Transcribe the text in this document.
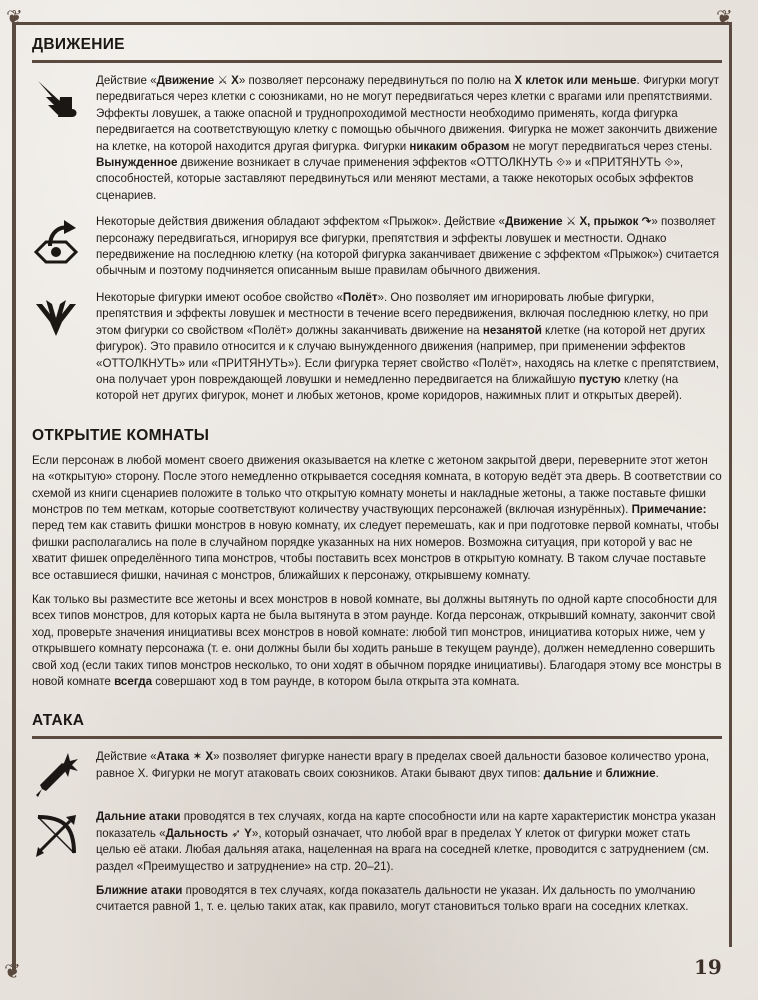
ДВИЖЕНИЕ

Действие «Движение ⚔ X» позволяет персонажу передвинуться по полю на X клеток или меньше. Фигурки могут передвигаться через клетки с союзниками, но не могут передвигаться через клетки с врагами или препятствиями. Эффекты ловушек, а также опасной и труднопроходимой местности необходимо применять, когда фигурка передвигается на соответствующую клетку с помощью обычного движения. Фигурка не может закончить движение на клетке, на которой находится другая фигурка. Фигурки никаким образом не могут передвигаться через стены. Вынужденное движение возникает в случае применения эффектов «ОТТОЛКНУТЬ ⟐» и «ПРИТЯНУТЬ ⟐», способностей, которые заставляют передвинуться или меняют местами, а также некоторых особых эффектов сценариев.

Некоторые действия движения обладают эффектом «Прыжок». Действие «Движение ⚔ X, прыжок ↷» позволяет персонажу передвигаться, игнорируя все фигурки, препятствия и эффекты ловушек и местности. Однако передвижение на последнюю клетку (на которой фигурка заканчивает движение с эффектом «Прыжок») считается обычным и поэтому подчиняется описанным выше правилам обычного движения.

Некоторые фигурки имеют особое свойство «Полёт». Оно позволяет им игнорировать любые фигурки, препятствия и эффекты ловушек и местности в течение всего передвижения, включая последнюю клетку, но при этом фигурки со свойством «Полёт» должны заканчивать движение на незанятой клетке (на которой нет других фигурок). Это правило относится и к случаю вынужденного движения (например, при применении эффектов «ОТТОЛКНУТЬ» или «ПРИТЯНУТЬ»). Если фигурка теряет свойство «Полёт», находясь на клетке с препятствием, она получает урон повреждающей ловушки и немедленно передвигается на ближайшую пустую клетку (на которой нет других фигурок, монет и любых жетонов, кроме коридоров, нажимных плит и открытых дверей).

ОТКРЫТИЕ КОМНАТЫ

Если персонаж в любой момент своего движения оказывается на клетке с жетоном закрытой двери, переверните этот жетон на «открытую» сторону. После этого немедленно открывается соседняя комната, в которую ведёт эта дверь. В соответствии со схемой из книги сценариев положите в только что открытую комнату монеты и накладные жетоны, а также поставьте фишки монстров по тем меткам, которые соответствуют количеству участвующих персонажей (включая изнурённых). Примечание: перед тем как ставить фишки монстров в новую комнату, их следует перемешать, как и при подготовке первой комнаты, чтобы фишки располагались на поле в случайном порядке указанных на них номеров. Возможна ситуация, при которой у вас не хватит фишек определённого типа монстров, чтобы поставить всех монстров в открытую комнату. В таком случае поставьте все оставшиеся фишки, начиная с монстров, ближайших к персонажу, открывшему комнату.

Как только вы разместите все жетоны и всех монстров в новой комнате, вы должны вытянуть по одной карте способности для всех типов монстров, для которых карта не была вытянута в этом раунде. Когда персонаж, открывший комнату, закончит свой ход, проверьте значения инициативы всех монстров в новой комнате: любой тип монстров, инициатива которых ниже, чем у открывшего комнату персонажа (т. е. они должны были бы ходить раньше в текущем раунде), должен немедленно совершить свой ход (если таких типов монстров несколько, то они ходят в обычном порядке инициативы). Благодаря этому все монстры в новой комнате всегда совершают ход в том раунде, в котором была открыта эта комната.

АТАКА

Действие «Атака ✶ X» позволяет фигурке нанести врагу в пределах своей дальности базовое количество урона, равное X. Фигурки не могут атаковать своих союзников. Атаки бывают двух типов: дальние и ближние.

Дальние атаки проводятся в тех случаях, когда на карте способности или на карте характеристик монстра указан показатель «Дальность ➶ Y», который означает, что любой враг в пределах Y клеток от фигурки может стать целью её атаки. Любая дальняя атака, нацеленная на врага на соседней клетке, проводится с затруднением (см. раздел «Преимущество и затруднение» на стр. 20–21).

Ближние атаки проводятся в тех случаях, когда показатель дальности не указан. Их дальность по умолчанию считается равной 1, т. е. целью таких атак, как правило, могут становиться только враги на соседних клетках.

❦	❦
❦	19
